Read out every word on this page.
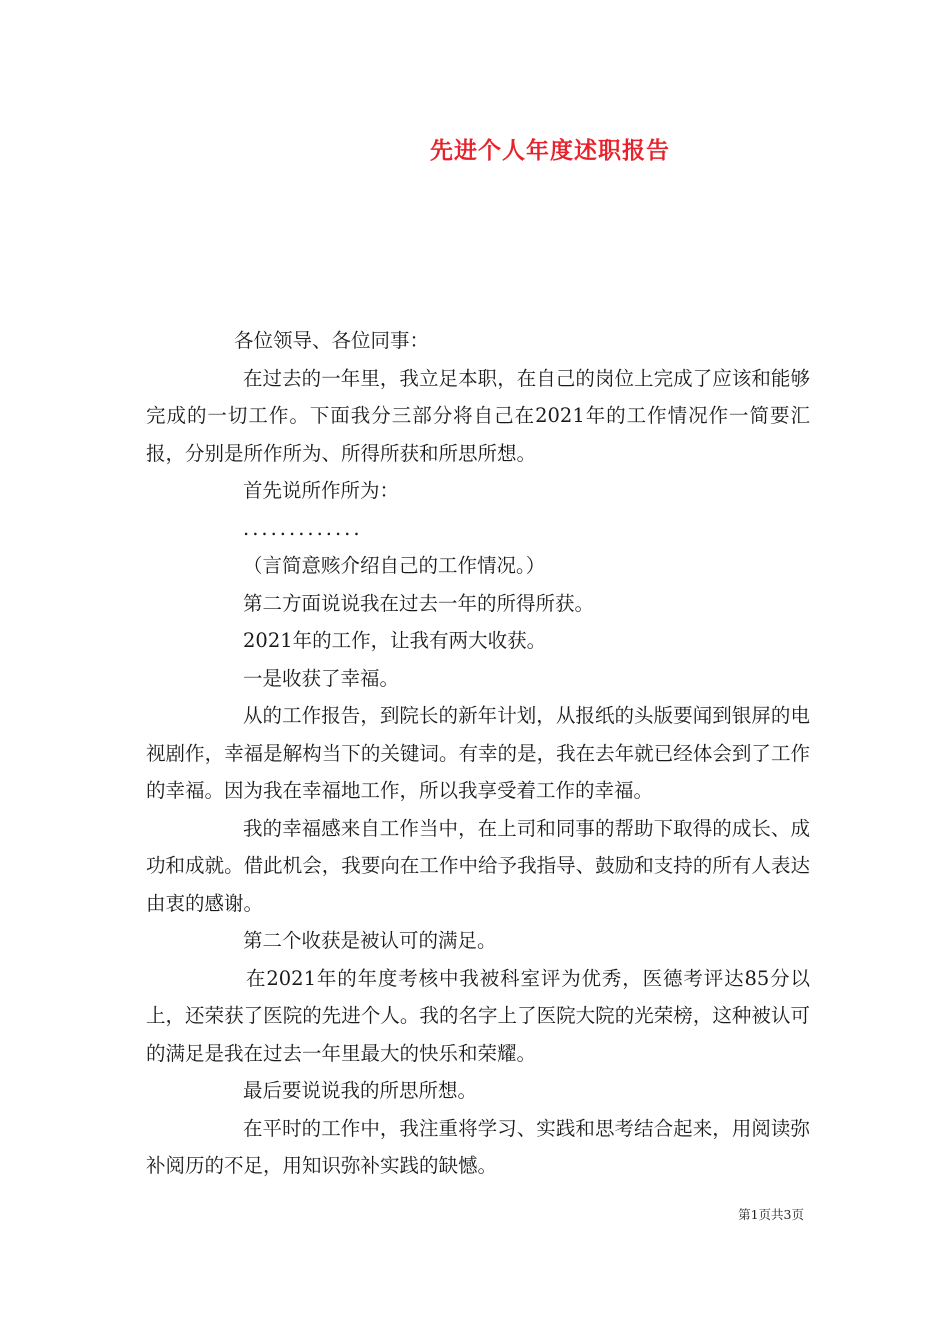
先进个人年度述职报告

各位领导、各位同事：

在过去的一年里，我立足本职，在自己的岗位上完成了应该和能够完成的一切工作。下面我分三部分将自己在2021年的工作情况作一简要汇报，分别是所作所为、所得所获和所思所想。

首先说所作所为：

.............

（言简意赅介绍自己的工作情况。）

第二方面说说我在过去一年的所得所获。

2021年的工作，让我有两大收获。

一是收获了幸福。

从的工作报告，到院长的新年计划，从报纸的头版要闻到银屏的电视剧作，幸福是解构当下的关键词。有幸的是，我在去年就已经体会到了工作的幸福。因为我在幸福地工作，所以我享受着工作的幸福。

我的幸福感来自工作当中，在上司和同事的帮助下取得的成长、成功和成就。借此机会，我要向在工作中给予我指导、鼓励和支持的所有人表达由衷的感谢。

第二个收获是被认可的满足。

在2021年的年度考核中我被科室评为优秀，医德考评达85分以上，还荣获了医院的先进个人。我的名字上了医院大院的光荣榜，这种被认可的满足是我在过去一年里最大的快乐和荣耀。

最后要说说我的所思所想。

在平时的工作中，我注重将学习、实践和思考结合起来，用阅读弥补阅历的不足，用知识弥补实践的缺憾。

第1页共3页
